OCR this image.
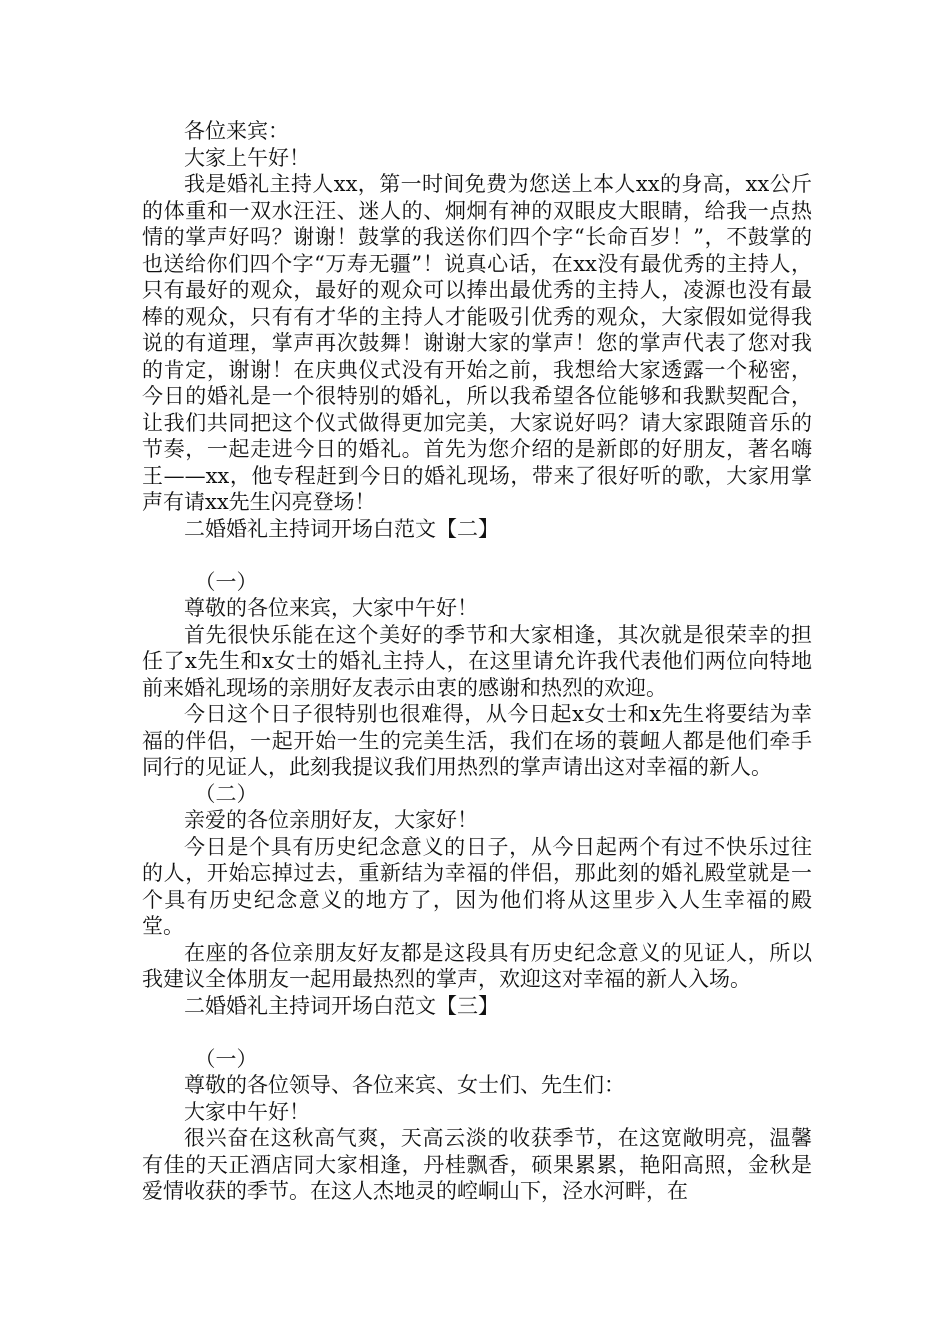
各位来宾：

大家上午好！

我是婚礼主持人xx，第一时间免费为您送上本人xx的身高，xx公斤的体重和一双水汪汪、迷人的、炯炯有神的双眼皮大眼睛，给我一点热情的掌声好吗？谢谢！鼓掌的我送你们四个字“长命百岁！”，不鼓掌的也送给你们四个字“万寿无疆”！说真心话，在xx没有最优秀的主持人，只有最好的观众，最好的观众可以捧出最优秀的主持人，凌源也没有最棒的观众，只有有才华的主持人才能吸引优秀的观众，大家假如觉得我说的有道理，掌声再次鼓舞！谢谢大家的掌声！您的掌声代表了您对我的肯定，谢谢！在庆典仪式没有开始之前，我想给大家透露一个秘密，今日的婚礼是一个很特别的婚礼，所以我希望各位能够和我默契配合，让我们共同把这个仪式做得更加完美，大家说好吗？请大家跟随音乐的节奏，一起走进今日的婚礼。首先为您介绍的是新郎的好朋友，著名嗨王——xx，他专程赶到今日的婚礼现场，带来了很好听的歌，大家用掌声有请xx先生闪亮登场！

二婚婚礼主持词开场白范文【二】

（一）

尊敬的各位来宾，大家中午好！

首先很快乐能在这个美好的季节和大家相逢，其次就是很荣幸的担任了x先生和x女士的婚礼主持人，在这里请允许我代表他们两位向特地前来婚礼现场的亲朋好友表示由衷的感谢和热烈的欢迎。

今日这个日子很特别也很难得，从今日起x女士和x先生将要结为幸福的伴侣，一起开始一生的完美生活，我们在场的蓑衄人都是他们牵手同行的见证人，此刻我提议我们用热烈的掌声请出这对幸福的新人。

（二）

亲爱的各位亲朋好友，大家好！

今日是个具有历史纪念意义的日子，从今日起两个有过不快乐过往的人，开始忘掉过去，重新结为幸福的伴侣，那此刻的婚礼殿堂就是一个具有历史纪念意义的地方了，因为他们将从这里步入人生幸福的殿堂。

在座的各位亲朋友好友都是这段具有历史纪念意义的见证人，所以我建议全体朋友一起用最热烈的掌声，欢迎这对幸福的新人入场。

二婚婚礼主持词开场白范文【三】

（一）

尊敬的各位领导、各位来宾、女士们、先生们：

大家中午好！

很兴奋在这秋高气爽，天高云淡的收获季节，在这宽敞明亮，温馨有佳的天正酒店同大家相逢，丹桂飘香，硕果累累，艳阳高照，金秋是爱情收获的季节。在这人杰地灵的崆峒山下，泾水河畔，在
